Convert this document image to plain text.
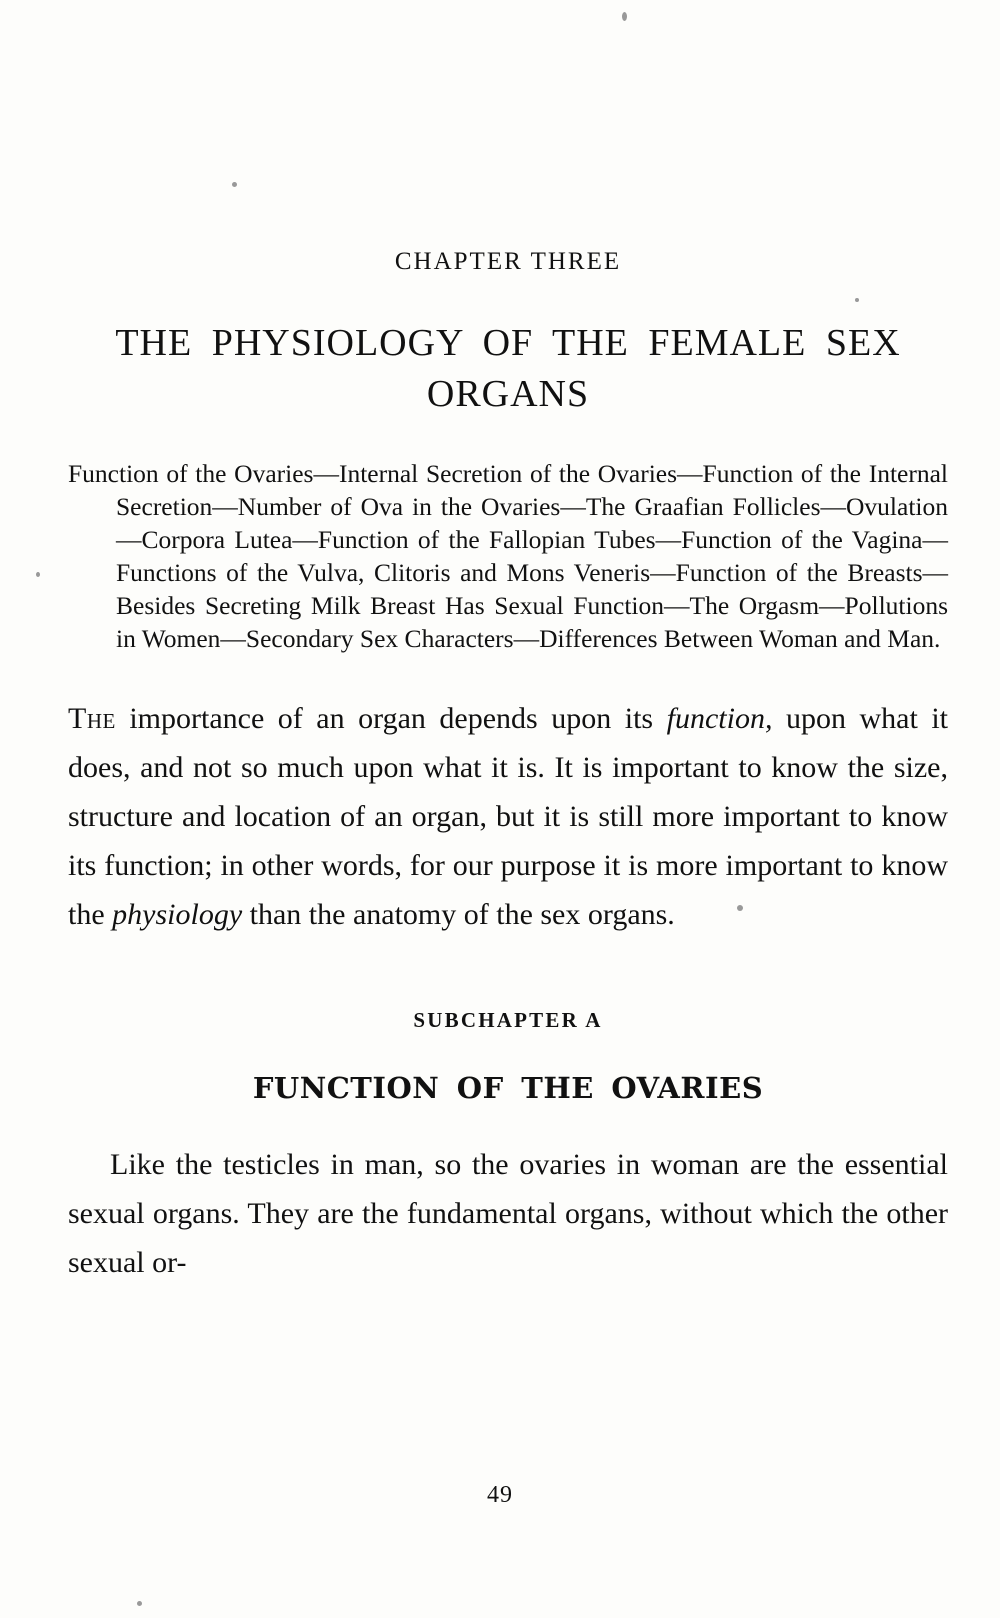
CHAPTER THREE
THE PHYSIOLOGY OF THE FEMALE SEX ORGANS
Function of the Ovaries—Internal Secretion of the Ovaries—Function of the Internal Secretion—Number of Ova in the Ovaries—The Graafian Follicles—Ovulation—Corpora Lutea—Function of the Fallopian Tubes—Function of the Vagina—Functions of the Vulva, Clitoris and Mons Veneris—Function of the Breasts—Besides Secreting Milk Breast Has Sexual Function—The Orgasm—Pollutions in Women—Secondary Sex Characters—Differences Between Woman and Man.
The importance of an organ depends upon its function, upon what it does, and not so much upon what it is. It is important to know the size, structure and location of an organ, but it is still more important to know its function; in other words, for our purpose it is more important to know the physiology than the anatomy of the sex organs.
SUBCHAPTER A
FUNCTION OF THE OVARIES
Like the testicles in man, so the ovaries in woman are the essential sexual organs. They are the fundamental organs, without which the other sexual or-
49
